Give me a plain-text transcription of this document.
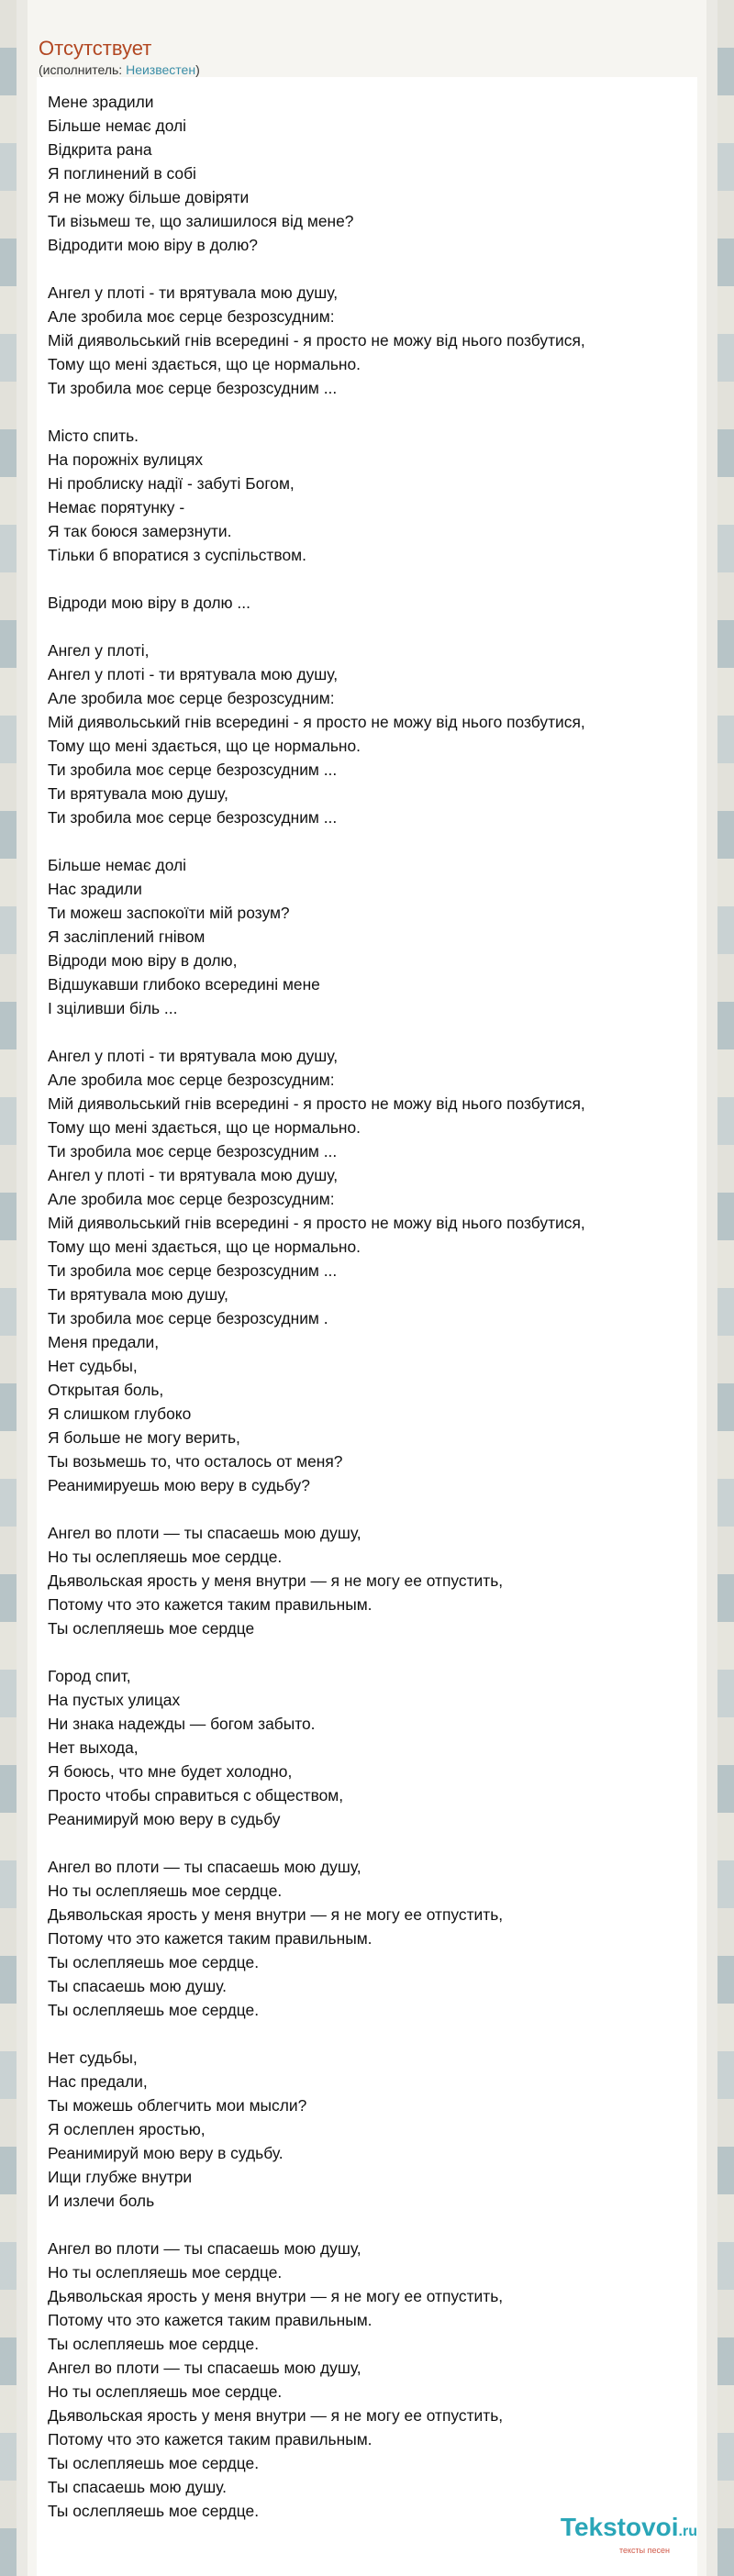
Отсутствует
(исполнитель: Неизвестен)
Мене зрадили
Більше немає долі
Відкрита рана
Я поглинений в собі
Я не можу більше довіряти
Ти візьмеш те, що залишилося від мене?
Відродити мою віру в долю?

Ангел у плоті - ти врятувала мою душу,
Але зробила моє серце безрозсудним:
Мій диявольський гнів всередині - я просто не можу від нього позбутися,
Тому що мені здається, що це нормально.
Ти зробила моє серце безрозсудним ...

Місто спить.
На порожніх вулицях
Ні проблиску надії - забуті Богом,
Немає порятунку -
Я так боюся замерзнути.
Тільки б впоратися з суспільством.

Відроди мою віру в долю ...

Ангел у плоті,
Ангел у плоті - ти врятувала мою душу,
Але зробила моє серце безрозсудним:
Мій диявольський гнів всередині - я просто не можу від нього позбутися,
Тому що мені здається, що це нормально.
Ти зробила моє серце безрозсудним ...
Ти врятувала мою душу,
Ти зробила моє серце безрозсудним ...

Більше немає долі
Нас зрадили
Ти можеш заспокоїти мій розум?
Я засліплений гнівом
Відроди мою віру в долю,
Відшукавши глибоко всередині мене
І зціливши біль ...

Ангел у плоті - ти врятувала мою душу,
Але зробила моє серце безрозсудним:
Мій диявольський гнів всередині - я просто не можу від нього позбутися,
Тому що мені здається, що це нормально.
Ти зробила моє серце безрозсудним ...
Ангел у плоті - ти врятувала мою душу,
Але зробила моє серце безрозсудним:
Мій диявольський гнів всередині - я просто не можу від нього позбутися,
Тому що мені здається, що це нормально.
Ти зробила моє серце безрозсудним ...
Ти врятувала мою душу,
Ти зробила моє серце безрозсудним .
Меня предали,
Нет судьбы,
Открытая боль,
Я слишком глубоко
Я больше не могу верить,
Ты возьмешь то, что осталось от меня?
Реанимируешь мою веру в судьбу?

Ангел во плоти — ты спасаешь мою душу,
Но ты ослепляешь мое сердце.
Дьявольская ярость у меня внутри — я не могу ее отпустить,
Потому что это кажется таким правильным.
Ты ослепляешь мое сердце

Город спит,
На пустых улицах
Ни знака надежды — богом забыто.
Нет выхода,
Я боюсь, что мне будет холодно,
Просто чтобы справиться с обществом,
Реанимируй мою веру в судьбу

Ангел во плоти — ты спасаешь мою душу,
Но ты ослепляешь мое сердце.
Дьявольская ярость у меня внутри — я не могу ее отпустить,
Потому что это кажется таким правильным.
Ты ослепляешь мое сердце.
Ты спасаешь мою душу.
Ты ослепляешь мое сердце.

Нет судьбы,
Нас предали,
Ты можешь облегчить мои мысли?
Я ослеплен яростью,
Реанимируй мою веру в судьбу.
Ищи глубже внутри
И излечи боль

Ангел во плоти — ты спасаешь мою душу,
Но ты ослепляешь мое сердце.
Дьявольская ярость у меня внутри — я не могу ее отпустить,
Потому что это кажется таким правильным.
Ты ослепляешь мое сердце.
Ангел во плоти — ты спасаешь мою душу,
Но ты ослепляешь мое сердце.
Дьявольская ярость у меня внутри — я не могу ее отпустить,
Потому что это кажется таким правильным.
Ты ослепляешь мое сердце.
Ты спасаешь мою душу.
Ты ослепляешь мое сердце.
Tekstovoi.ru
тексты песен
